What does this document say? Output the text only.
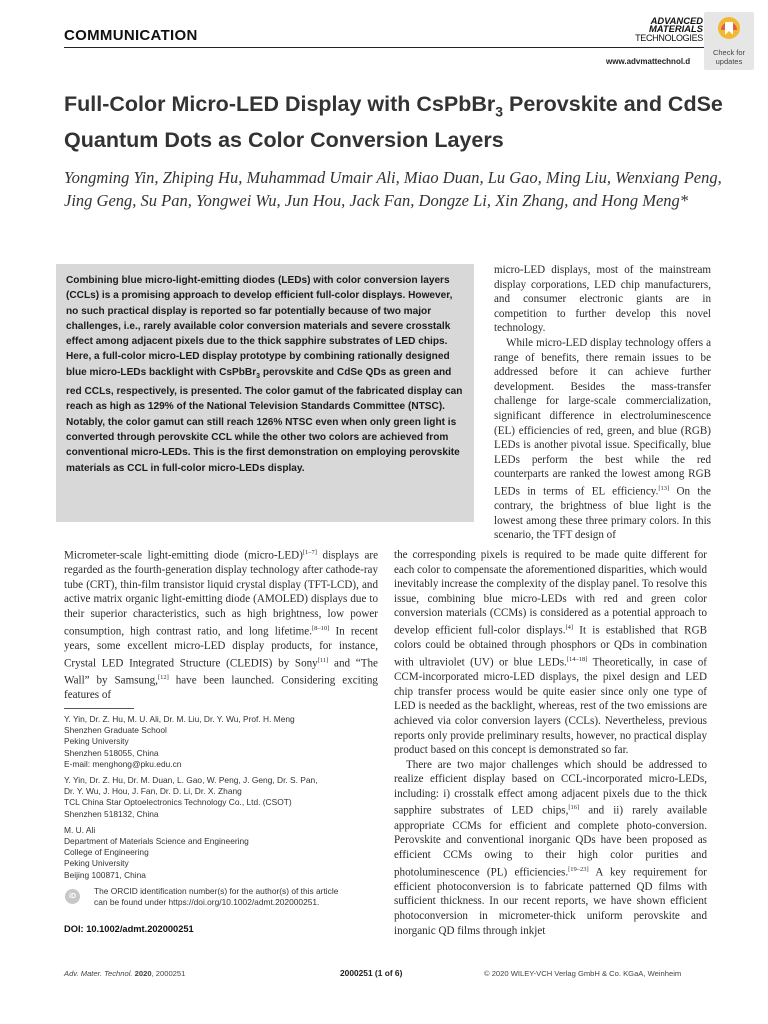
COMMUNICATION
ADVANCED
MATERIALS
TECHNOLOGIES
www.advmattechnol.d
Check for
updates
Full-Color Micro-LED Display with CsPbBr$_3$ Perovskite and CdSe Quantum Dots as Color Conversion Layers
Yongming Yin, Zhiping Hu, Muhammad Umair Ali, Miao Duan, Lu Gao, Ming Liu, Wenxiang Peng, Jing Geng, Su Pan, Yongwei Wu, Jun Hou, Jack Fan, Dongze Li, Xin Zhang, and Hong Meng*
Combining blue micro-light-emitting diodes (LEDs) with color conversion layers (CCLs) is a promising approach to develop efficient full-color displays. However, no such practical display is reported so far potentially because of two major challenges, i.e., rarely available color conversion materials and severe crosstalk effect among adjacent pixels due to the thick sapphire substrates of LED chips. Here, a full-color micro-LED display prototype by combining rationally designed blue micro-LEDs backlight with CsPbBr$_3$ perovskite and CdSe QDs as green and red CCLs, respectively, is presented. The color gamut of the fabricated display can reach as high as 129% of the National Television Standards Committee (NTSC). Notably, the color gamut can still reach 126% NTSC even when only green light is converted through perovskite CCL while the other two colors are achieved from conventional micro-LEDs. This is the first demonstration on employing perovskite materials as CCL in full-color micro-LEDs display.

micro-LED displays, most of the mainstream display corporations, LED chip manufacturers, and consumer electronic giants are in competition to further develop this novel technology.

While micro-LED display technology offers a range of benefits, there remain issues to be addressed before it can achieve further development. Besides the mass-transfer challenge for large-scale commercialization, significant difference in electroluminescence (EL) efficiencies of red, green, and blue (RGB) LEDs is another pivotal issue. Specifically, blue LEDs perform the best while the red counterparts are ranked the lowest among RGB LEDs in terms of EL efficiency.[13] On the contrary, the brightness of blue light is the lowest among these three primary colors. In this scenario, the TFT design of

Micrometer-scale light-emitting diode (micro-LED)[1–7] displays are regarded as the fourth-generation display technology after cathode-ray tube (CRT), thin-film transistor liquid crystal display (TFT-LCD), and active matrix organic light-emitting diode (AMOLED) displays due to their superior characteristics, such as high brightness, low power consumption, high contrast ratio, and long lifetime.[8–10] In recent years, some excellent micro-LED display products, for instance, Crystal LED Integrated Structure (CLEDIS) by Sony[11] and “The Wall” by Samsung,[12] have been launched. Considering exciting features of

the corresponding pixels is required to be made quite different for each color to compensate the aforementioned disparities, which would inevitably increase the complexity of the display panel. To resolve this issue, combining blue micro-LEDs with red and green color conversion materials (CCMs) is considered as a potential approach to develop efficient full-color displays.[4] It is established that RGB colors could be obtained through phosphors or QDs in combination with ultraviolet (UV) or blue LEDs.[14–18] Theoretically, in case of CCM-incorporated micro-LED displays, the pixel design and LED chip transfer process would be quite easier since only one type of LED is needed as the backlight, whereas, rest of the two emissions are achieved via color conversion layers (CCLs). Nevertheless, previous reports only provide preliminary results, however, no practical display product based on this concept is demonstrated so far.

There are two major challenges which should be addressed to realize efficient display based on CCL-incorporated micro-LEDs, including: i) crosstalk effect among adjacent pixels due to the thick sapphire substrates of LED chips,[16] and ii) rarely available appropriate CCMs for efficient and complete photo-conversion. Perovskite and conventional inorganic QDs have been proposed as efficient CCMs owing to their high color purities and photoluminescence (PL) efficiencies.[19–23] A key requirement for efficient photoconversion is to fabricate patterned QD films with sufficient thickness. In our recent reports, we have shown efficient photoconversion in micrometer-thick uniform perovskite and inorganic QD films through inkjet

Y. Yin, Dr. Z. Hu, M. U. Ali, Dr. M. Liu, Dr. Y. Wu, Prof. H. Meng
Shenzhen Graduate School
Peking University
Shenzhen 518055, China
E-mail: menghong@pku.edu.cn
Y. Yin, Dr. Z. Hu, Dr. M. Duan, L. Gao, W. Peng, J. Geng, Dr. S. Pan,
Dr. Y. Wu, J. Hou, J. Fan, Dr. D. Li, Dr. X. Zhang
TCL China Star Optoelectronics Technology Co., Ltd. (CSOT)
Shenzhen 518132, China
M. U. Ali
Department of Materials Science and Engineering
College of Engineering
Peking University
Beijing 100871, China
iD
The ORCID identification number(s) for the author(s) of this article
can be found under https://doi.org/10.1002/admt.202000251.
DOI: 10.1002/admt.202000251
Adv. Mater. Technol. 2020, 2000251	2000251 (1 of 6)	© 2020 WILEY-VCH Verlag GmbH & Co. KGaA, Weinheim
